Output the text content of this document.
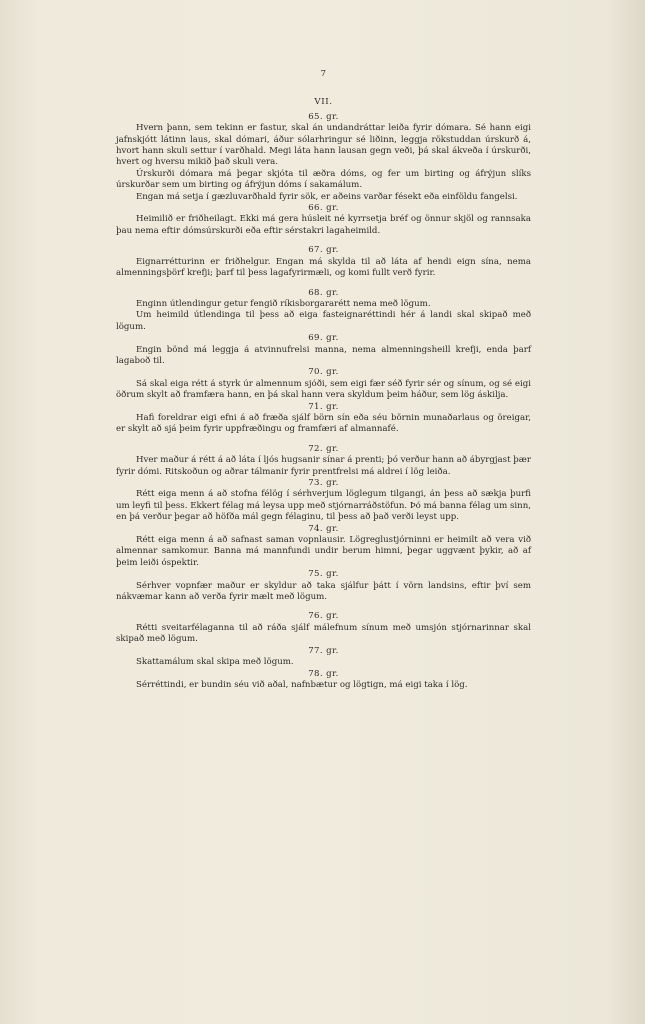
7
VII.
65. gr.

Hvern þann, sem tekinn er fastur, skal án undandráttar leiða fyrir dómara. Sé hann eigi jafnskjótt látinn laus, skal dómari, áður sólarhringur sé liðinn, leggja rökstuddan úrskurð á, hvort hann skuli settur í varðhald. Megi láta hann lausan gegn veði, þá skal ákveða í úrskurði, hvert og hversu mikið það skuli vera.

Úrskurði dómara má þegar skjóta til æðra dóms, og fer um birting og áfrýjun slíks úrskurðar sem um birting og áfrýjun dóms í sakamálum.

Engan má setja í gæzluvarðhald fyrir sök, er aðeins varðar fésekt eða einföldu fangelsi.

66. gr.

Heimilið er friðheilagt. Ekki má gera húsleit né kyrrsetja bréf og önnur skjöl og rannsaka þau nema eftir dómsúrskurði eða eftir sérstakri lagaheimild.

67. gr.

Eignarrétturinn er friðhelgur. Engan má skylda til að láta af hendi eign sína, nema almenningsþörf krefji; þarf til þess lagafyrirmæli, og komi fullt verð fyrir.

68. gr.

Enginn útlendingur getur fengið ríkisborgararétt nema með lögum.

Um heimild útlendinga til þess að eiga fasteignaréttindi hér á landi skal skipað með lögum.

69. gr.

Engin bönd má leggja á atvinnufrelsi manna, nema almenningsheill krefji, enda þarf lagaboð til.

70. gr.

Sá skal eiga rétt á styrk úr almennum sjóði, sem eigi fær séð fyrir sér og sínum, og sé eigi öðrum skylt að framfæra hann, en þá skal hann vera skyldum þeim háður, sem lög áskilja.

71. gr.

Hafi foreldrar eigi efni á að fræða sjálf börn sín eða séu börnin munaðarlaus og öreigar, er skylt að sjá þeim fyrir uppfræðingu og framfæri af almannafé.

72. gr.

Hver maður á rétt á að láta í ljós hugsanir sínar á prenti; þó verður hann að ábyrgjast þær fyrir dómi. Ritskoðun og aðrar tálmanir fyrir prentfrelsi má aldrei í lög leiða.

73. gr.

Rétt eiga menn á að stofna félög í sérhverjum löglegum tilgangi, án þess að sækja þurfi um leyfi til þess. Ekkert félag má leysa upp með stjórnarráðstöfun. Þó má banna félag um sinn, en þá verður þegar að höfða mál gegn félaginu, til þess að það verði leyst upp.

74. gr.

Rétt eiga menn á að safnast saman vopnlausir. Lögreglustjórninni er heimilt að vera við almennar samkomur. Banna má mannfundi undir berum himni, þegar uggvænt þykir, að af þeim leiði óspektir.

75. gr.

Sérhver vopnfær maður er skyldur að taka sjálfur þátt í vörn landsins, eftir því sem nákvæmar kann að verða fyrir mælt með lögum.

76. gr.

Rétti sveitarfélaganna til að ráða sjálf málefnum sínum með umsjón stjórnarinnar skal skipað með lögum.

77. gr.

Skattamálum skal skipa með lögum.

78. gr.

Sérréttindi, er bundin séu við aðal, nafnbætur og lögtign, má eigi taka í lög.
